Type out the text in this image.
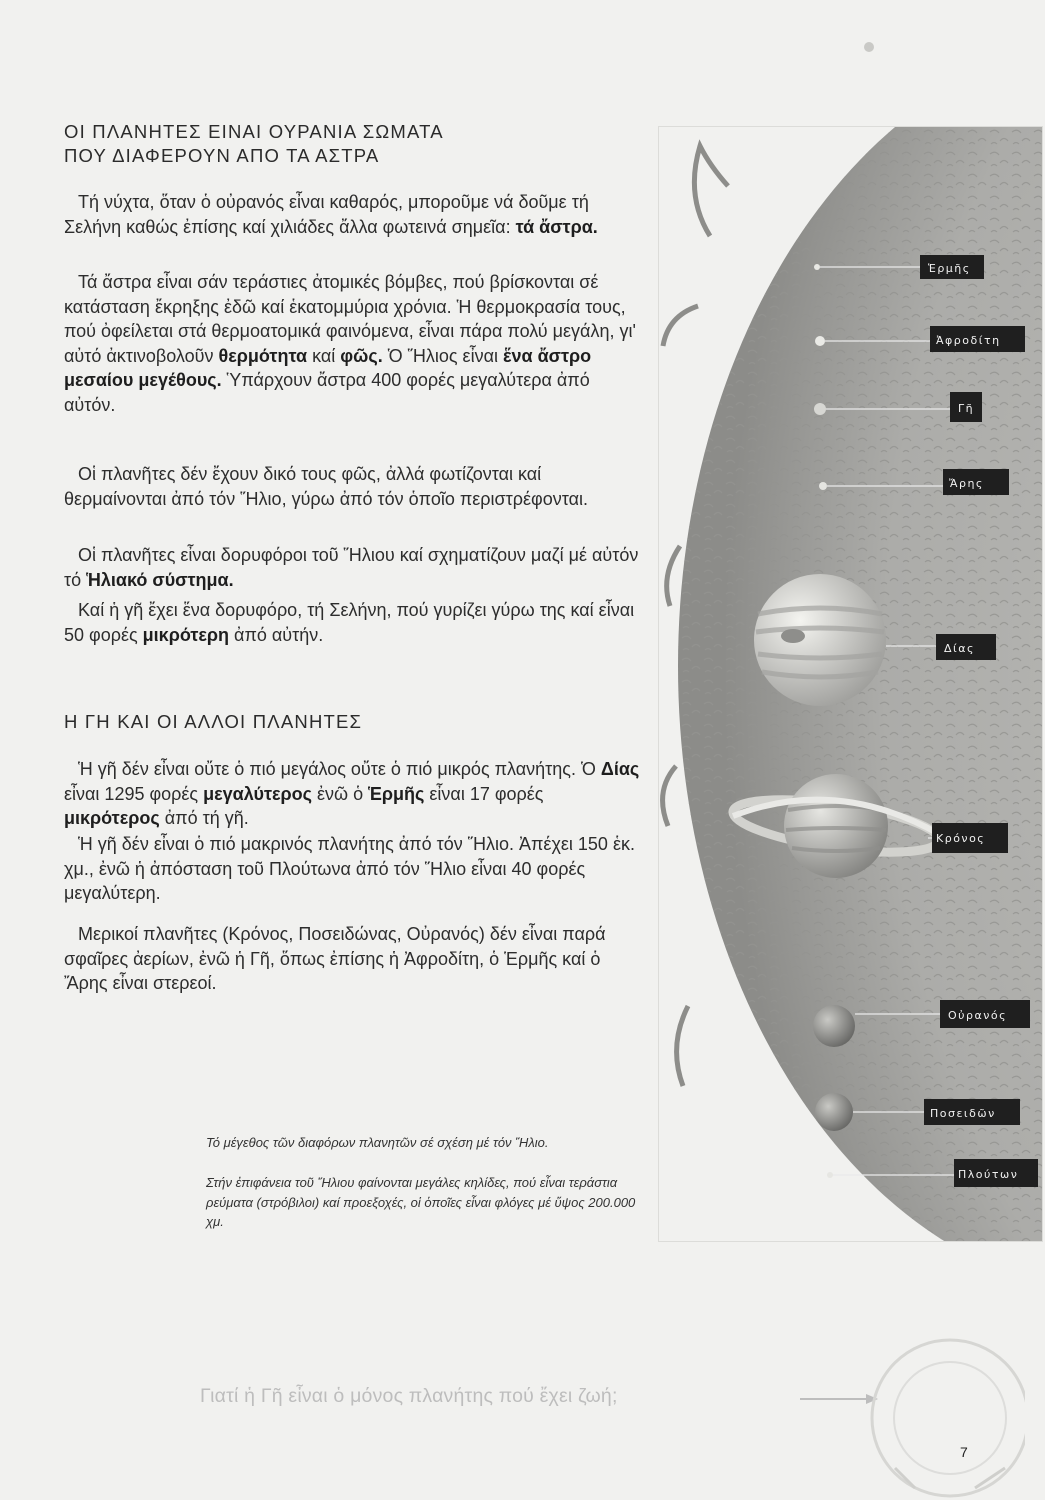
ΟΙ ΠΛΑΝΗΤΕΣ ΕΙΝΑΙ ΟΥΡΑΝΙΑ ΣΩΜΑΤΑ
ΠΟΥ ΔΙΑΦΕΡΟΥΝ ΑΠΟ ΤΑ ΑΣΤΡΑ

Τή νύχτα, ὅταν ὁ οὐρανός εἶναι καθαρός, μποροῦμε νά δοῦμε τή Σελήνη καθώς ἐπίσης καί χιλιάδες ἄλλα φωτεινά σημεῖα: τά ἄστρα.

Τά ἄστρα εἶναι σάν τεράστιες ἀτομικές βόμβες, πού βρίσκονται σέ κατάσταση ἔκρηξης ἐδῶ καί ἑκατομμύρια χρόνια. Ἡ θερμοκρασία τους, πού ὀφείλεται στά θερμοατομικά φαινόμενα, εἶναι πάρα πολύ μεγάλη, γι' αὐτό ἀκτινοβολοῦν θερμότητα καί φῶς. Ὁ Ἥλιος εἶναι ἕνα ἄστρο μεσαίου μεγέθους. Ὑπάρχουν ἄστρα 400 φορές μεγαλύτερα ἀπό αὐτόν.

Οἱ πλανῆτες δέν ἔχουν δικό τους φῶς, ἀλλά φωτίζονται καί θερμαίνονται ἀπό τόν Ἥλιο, γύρω ἀπό τόν ὁποῖο περιστρέφονται.

Οἱ πλανῆτες εἶναι δορυφόροι τοῦ Ἥλιου καί σχηματίζουν μαζί μέ αὐτόν τό Ἡλιακό σύστημα.

Καί ἡ γῆ ἔχει ἕνα δορυφόρο, τή Σελήνη, πού γυρίζει γύρω της καί εἶναι 50 φορές μικρότερη ἀπό αὐτήν.

Η ΓΗ ΚΑΙ ΟΙ ΑΛΛΟΙ ΠΛΑΝΗΤΕΣ

Ἡ γῆ δέν εἶναι οὔτε ὁ πιό μεγάλος οὔτε ὁ πιό μικρός πλανήτης. Ὁ Δίας εἶναι 1295 φορές μεγαλύτερος ἐνῶ ὁ Ἑρμῆς εἶναι 17 φορές μικρότερος ἀπό τή γῆ.

Ἡ γῆ δέν εἶναι ὁ πιό μακρινός πλανήτης ἀπό τόν Ἥλιο. Ἀπέχει 150 ἑκ. χμ., ἐνῶ ἡ ἀπόσταση τοῦ Πλούτωνα ἀπό τόν Ἥλιο εἶναι 40 φορές μεγαλύτερη.

Μερικοί πλανῆτες (Κρόνος, Ποσειδώνας, Οὐρανός) δέν εἶναι παρά σφαῖρες ἀερίων, ἐνῶ ἡ Γῆ, ὅπως ἐπίσης ἡ Ἀφροδίτη, ὁ Ἑρμῆς καί ὁ Ἄρης εἶναι στερεοί.

Τό μέγεθος τῶν διαφόρων πλανητῶν σέ σχέση μέ τόν Ἥλιο.

Στήν ἐπιφάνεια τοῦ Ἥλιου φαίνονται μεγάλες κηλίδες, πού εἶναι τεράστια ρεύματα (στρόβιλοι) καί προεξοχές, οἱ ὁποῖες εἶναι φλόγες μέ ὕψος 200.000 χμ.

Ἑρμῆς
Ἀφροδίτη
Γῆ
Ἄρης
Δίας
Κρόνος
Οὐρανός
Ποσειδῶν
Πλούτων
Γιατί ἡ Γῆ εἶναι ὁ μόνος πλανήτης πού ἔχει ζωή;
7
